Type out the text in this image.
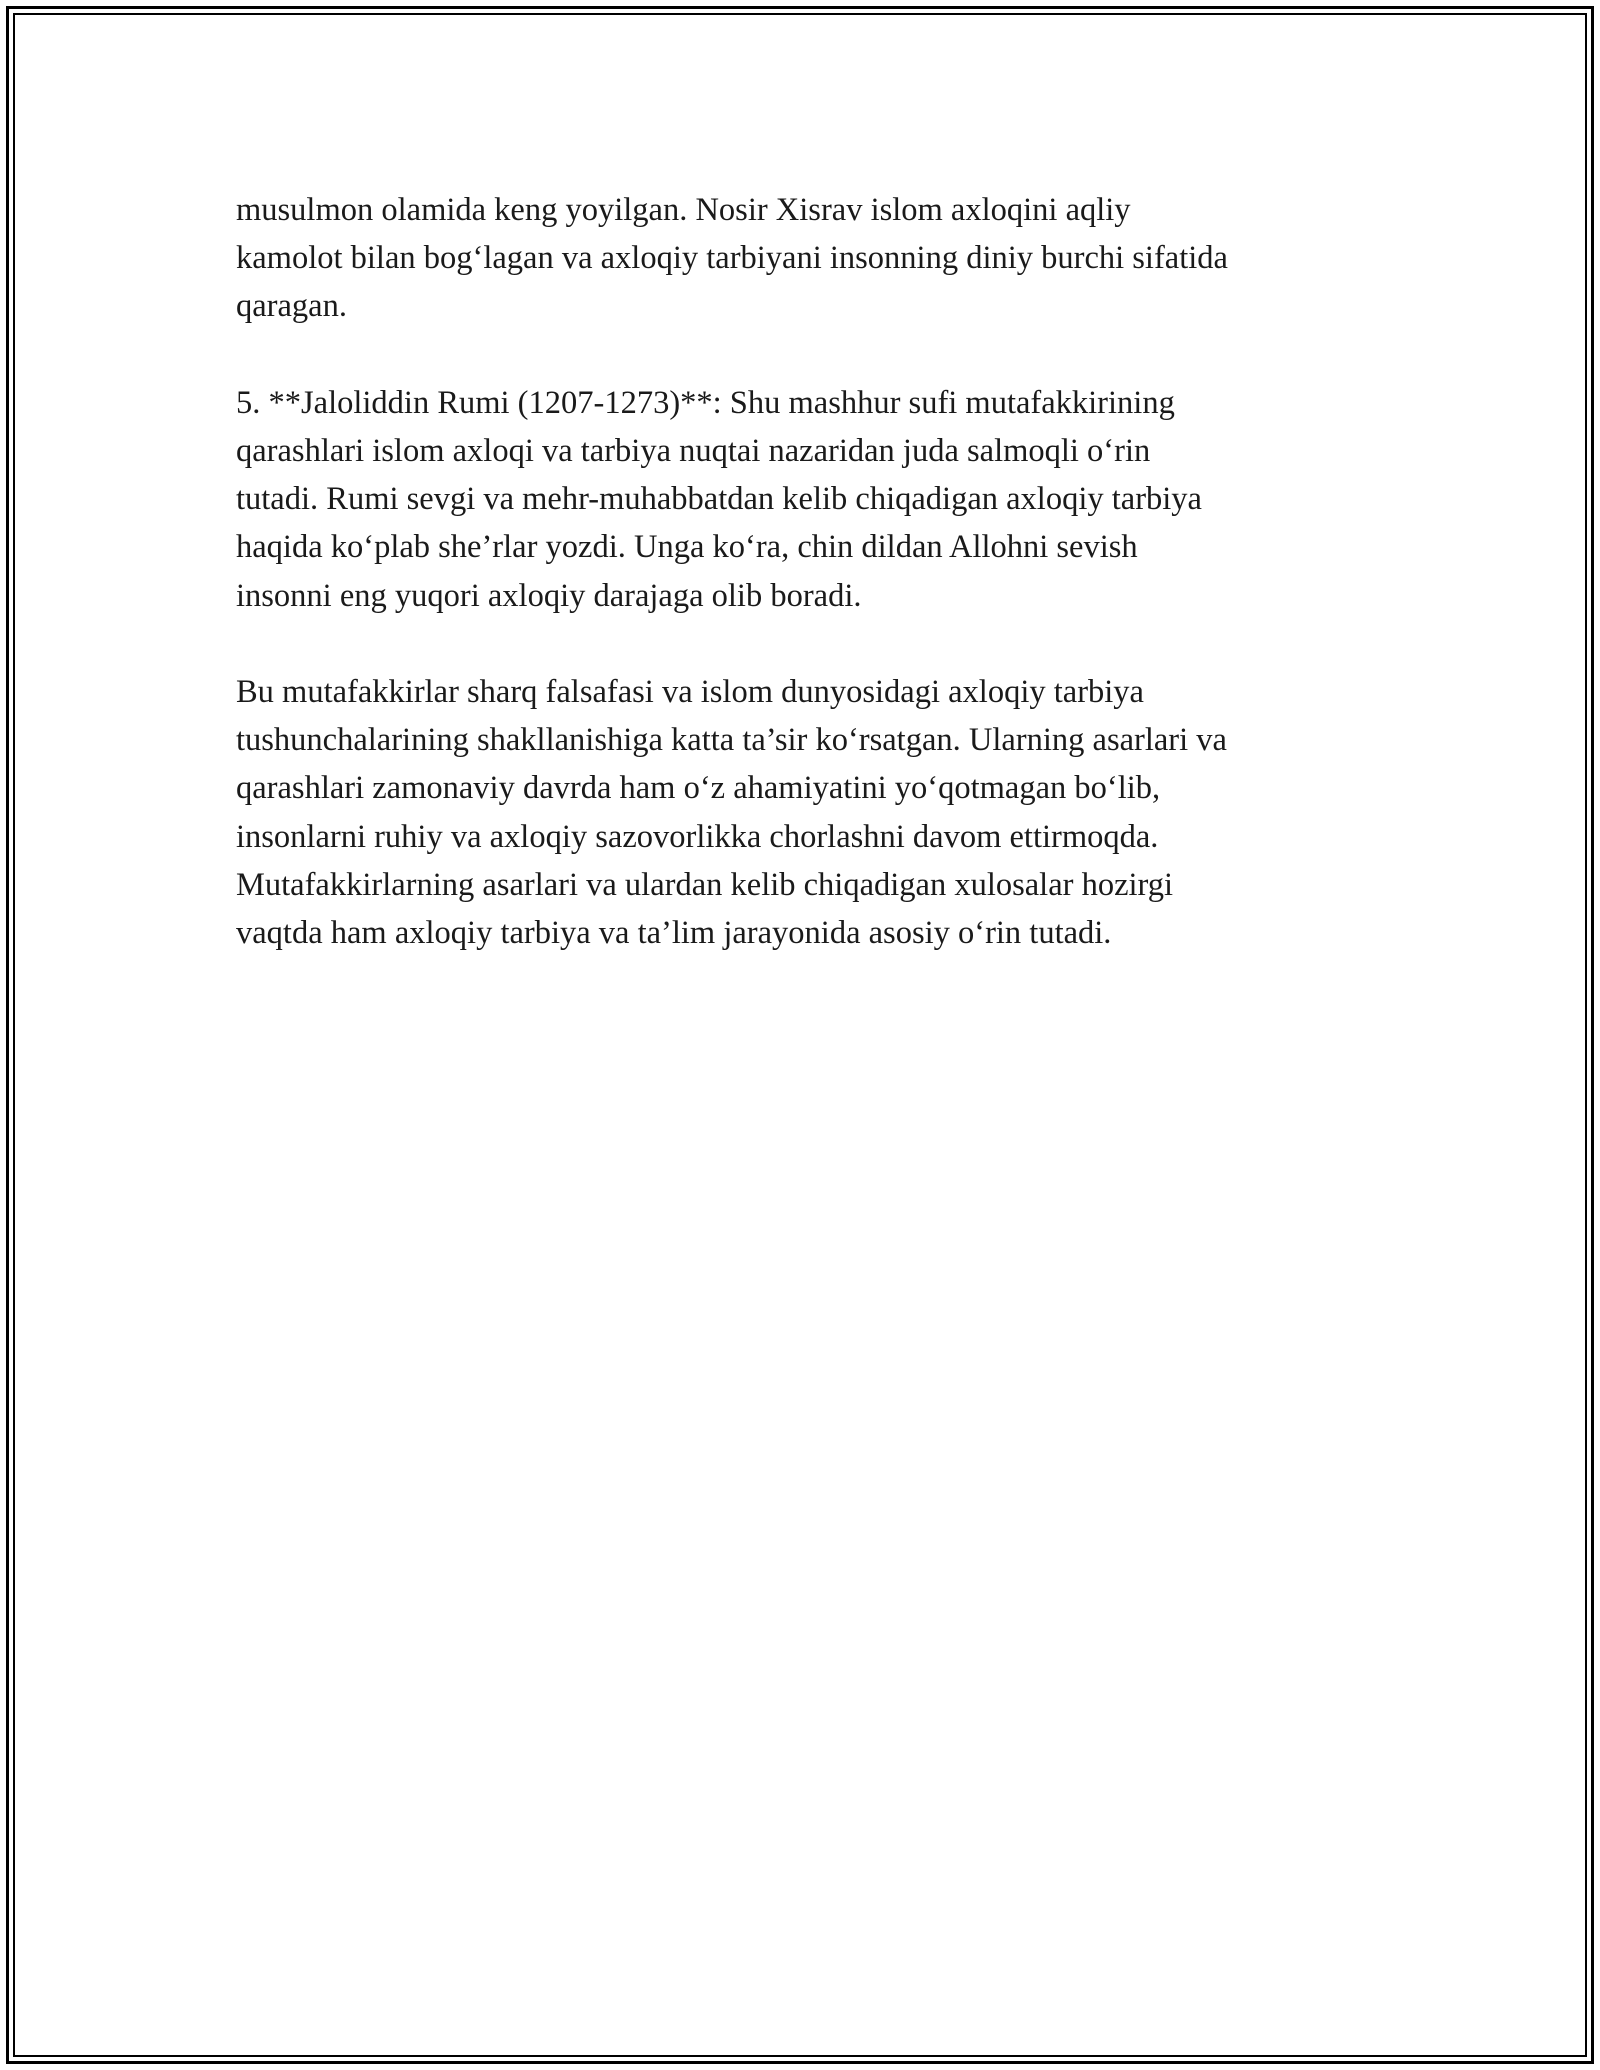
musulmon olamida keng yoyilgan. Nosir Xisrav islom axloqini aqliy
kamolot bilan bog‘lagan va axloqiy tarbiyani insonning diniy burchi sifatida
qaragan.

5. **Jaloliddin Rumi (1207-1273)**: Shu mashhur sufi mutafakkirining
qarashlari islom axloqi va tarbiya nuqtai nazaridan juda salmoqli o‘rin
tutadi. Rumi sevgi va mehr-muhabbatdan kelib chiqadigan axloqiy tarbiya
haqida ko‘plab she’rlar yozdi. Unga ko‘ra, chin dildan Allohni sevish
insonni eng yuqori axloqiy darajaga olib boradi.

Bu mutafakkirlar sharq falsafasi va islom dunyosidagi axloqiy tarbiya
tushunchalarining shakllanishiga katta ta’sir ko‘rsatgan. Ularning asarlari va
qarashlari zamonaviy davrda ham o‘z ahamiyatini yo‘qotmagan bo‘lib,
insonlarni ruhiy va axloqiy sazovorlikka chorlashni davom ettirmoqda.
Mutafakkirlarning asarlari va ulardan kelib chiqadigan xulosalar hozirgi
vaqtda ham axloqiy tarbiya va ta’lim jarayonida asosiy o‘rin tutadi.
